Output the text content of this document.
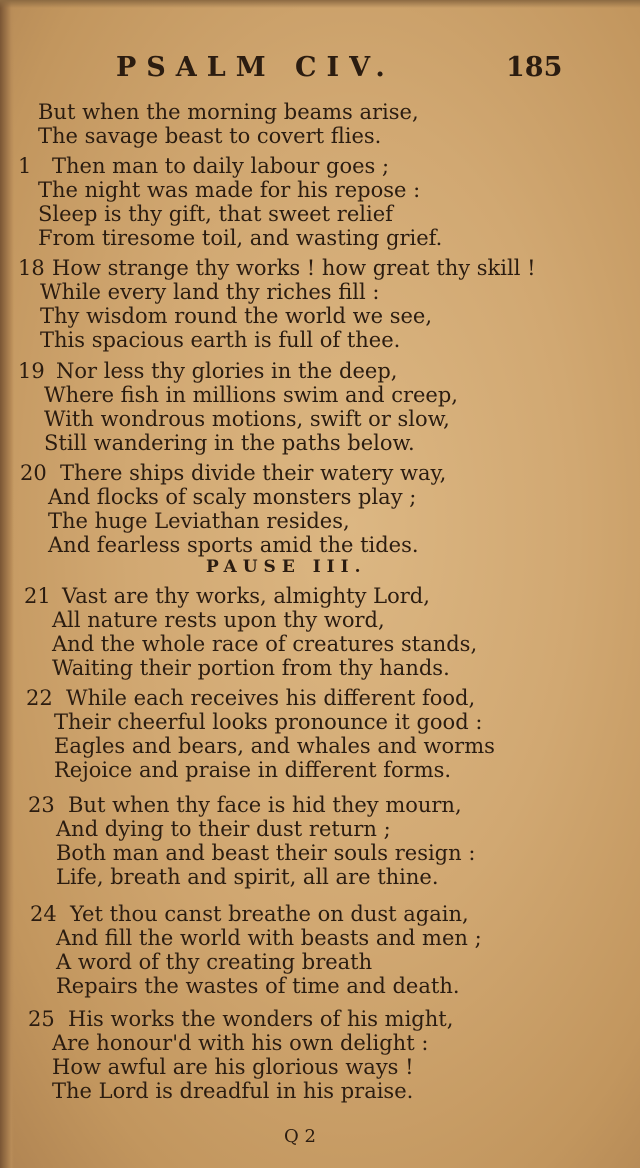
PSALM CIV.	185
But when the morning beams arise,
The savage beast to covert flies.
1 Then man to daily labour goes ;
The night was made for his repose :
Sleep is thy gift, that sweet relief
From tiresome toil, and wasting grief.
18 How strange thy works ! how great thy skill !
While every land thy riches fill :
Thy wisdom round the world we see,
This spacious earth is full of thee.
19 Nor less thy glories in the deep,
Where fish in millions swim and creep,
With wondrous motions, swift or slow,
Still wandering in the paths below.
20 There ships divide their watery way,
And flocks of scaly monsters play ;
The huge Leviathan resides,
And fearless sports amid the tides.
PAUSE III.
21 Vast are thy works, almighty Lord,
All nature rests upon thy word,
And the whole race of creatures stands,
Waiting their portion from thy hands.
22 While each receives his different food,
Their cheerful looks pronounce it good :
Eagles and bears, and whales and worms
Rejoice and praise in different forms.
23 But when thy face is hid they mourn,
And dying to their dust return ;
Both man and beast their souls resign :
Life, breath and spirit, all are thine.
24 Yet thou canst breathe on dust again,
And fill the world with beasts and men ;
A word of thy creating breath
Repairs the wastes of time and death.
25 His works the wonders of his might,
Are honour'd with his own delight :
How awful are his glorious ways !
The Lord is dreadful in his praise.
Q 2
